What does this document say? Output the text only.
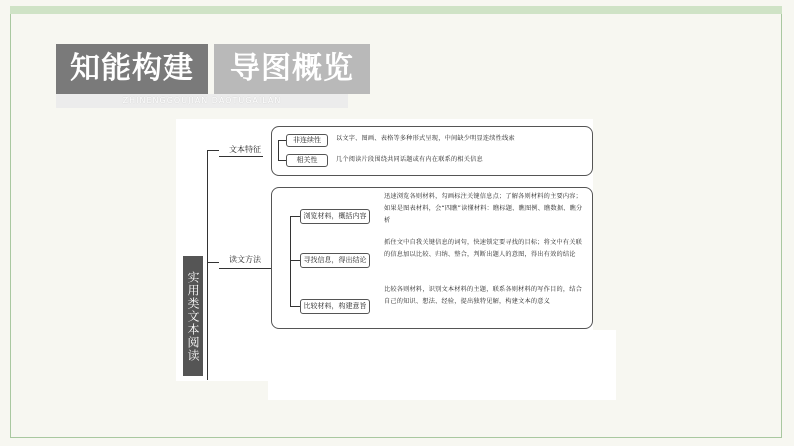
知能构建	导图概览
ZHINENGGOUJIAN DAOTUGAILAN
实用类文本阅读
文本特征
非连续性	以文字、图画、表格等多种形式呈现，中间缺少明显连续性线索
相关性	几个阅读片段围绕共同话题或有内在联系的相关信息
读文方法
浏览材料，概括内容
迅速浏览各则材料，勾画标注关键信息点；了解各则材料的主要内容；如果是图表材料，会“四瞧”读懂材料：瞧标题、瞧图例、瞧数据、瞧分析
寻找信息，得出结论
抓住文中自我关键信息的词句，快速锁定要寻找的目标；将文中有关联的信息加以比较、归纳、整合，判断出题人的意图，得出有效的结论
比较材料，构建意旨
比较各则材料，识别文本材料的主题，联系各则材料的写作目的，结合自己的知识、想法、经验，提出独特见解，构建文本的意义
